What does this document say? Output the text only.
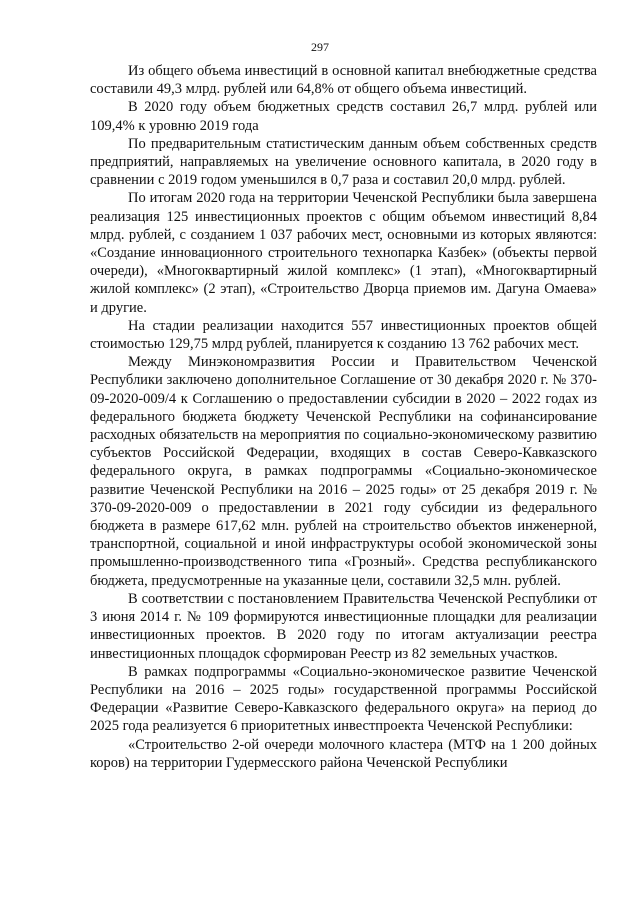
297

Из общего объема инвестиций в основной капитал внебюджетные средства составили 49,3 млрд. рублей или 64,8% от общего объема инвестиций.

В 2020 году объем бюджетных средств составил 26,7 млрд. рублей или 109,4% к уровню 2019 года

По предварительным статистическим данным объем собственных средств предприятий, направляемых на увеличение основного капитала, в 2020 году в сравнении с 2019 годом уменьшился в 0,7 раза и составил 20,0 млрд. рублей.

По итогам 2020 года на территории Чеченской Республики была завершена реализация 125 инвестиционных проектов с общим объемом инвестиций 8,84 млрд. рублей, с созданием 1 037 рабочих мест, основными из которых являются: «Создание инновационного строительного технопарка Казбек» (объекты первой очереди), «Многоквартирный жилой комплекс» (1 этап), «Многоквартирный жилой комплекс» (2 этап), «Строительство Дворца приемов им. Дагуна Омаева» и другие.

На стадии реализации находится 557 инвестиционных проектов общей стоимостью 129,75 млрд рублей, планируется к созданию 13 762 рабочих мест.

Между Минэкономразвития России и Правительством Чеченской Республики заключено дополнительное Соглашение от 30 декабря 2020 г. № 370-09-2020-009/4 к Соглашению о предоставлении субсидии в 2020 – 2022 годах из федерального бюджета бюджету Чеченской Республики на софинансирование расходных обязательств на мероприятия по социально-экономическому развитию субъектов Российской Федерации, входящих в состав Северо-Кавказского федерального округа, в рамках подпрограммы «Социально-экономическое развитие Чеченской Республики на 2016 – 2025 годы» от 25 декабря 2019 г. № 370-09-2020-009 о предоставлении в 2021 году субсидии из федерального бюджета в размере 617,62 млн. рублей на строительство объектов инженерной, транспортной, социальной и иной инфраструктуры особой экономической зоны промышленно-производственного типа «Грозный». Средства республиканского бюджета, предусмотренные на указанные цели, составили 32,5 млн. рублей.

В соответствии с постановлением Правительства Чеченской Республики от 3 июня 2014 г. № 109 формируются инвестиционные площадки для реализации инвестиционных проектов. В 2020 году по итогам актуализации реестра инвестиционных площадок сформирован Реестр из 82 земельных участков.

В рамках подпрограммы «Социально-экономическое развитие Чеченской Республики на 2016 – 2025 годы» государственной программы Российской Федерации «Развитие Северо-Кавказского федерального округа» на период до 2025 года реализуется 6 приоритетных инвестпроекта Чеченской Республики:

«Строительство 2-ой очереди молочного кластера (МТФ на 1 200 дойных коров) на территории Гудермесского района Чеченской Республики
